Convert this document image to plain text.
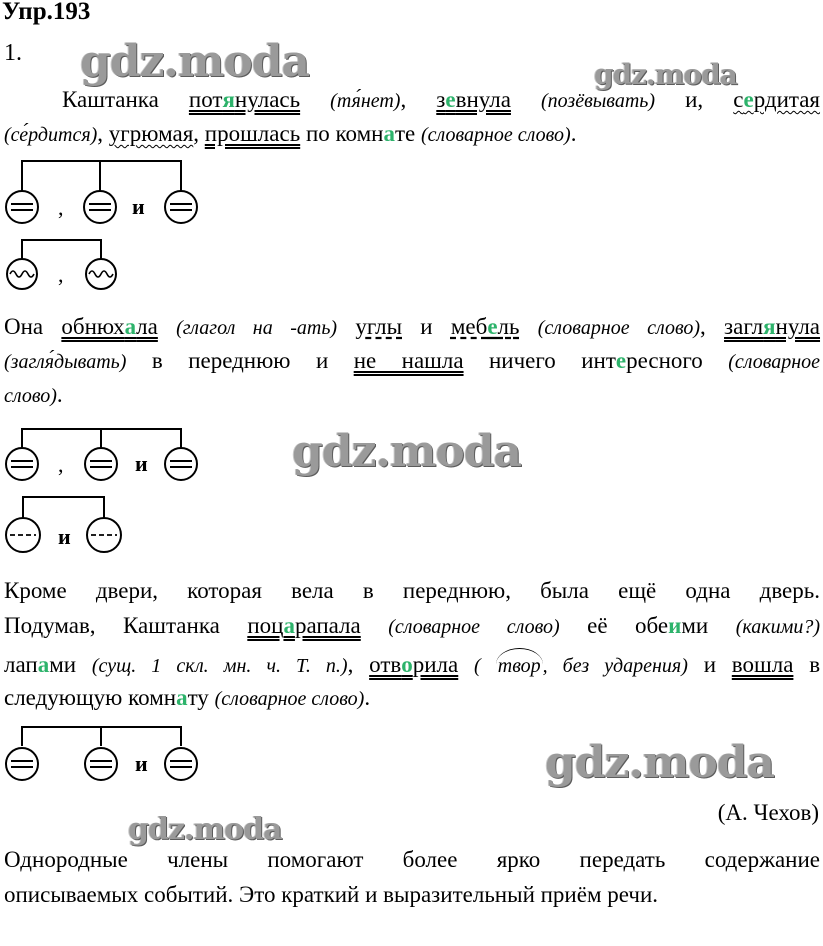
Упр.193
1. gdz.moda	gdz.moda
gdz.moda
gdz.moda
gdz.moda
Каштанка потянулась (тя́нет), зевнула (позёвывать) и, сердитая
(се́рдится), угрюмая, прошлась по комнате (словарное слово).
,	и
,
Она обнюхала (глагол на -ать) углы и мебель (словарное слово), заглянула
(загля́дывать) в переднюю и не нашла ничего интересного (словарное
слово).
,	и
и
Кроме двери, которая вела в переднюю, была ещё одна дверь.
Подумав, Каштанка поцарапала (словарное слово) её обеими (какими?)
лапами (сущ. 1 скл. мн. ч. Т. п.), отворила ( твор , без ударения) и вошла в
следующую комнату (словарное слово).
и
(А. Чехов)
Однородные члены помогают более ярко передать содержание
описываемых событий. Это краткий и выразительный приём речи.
